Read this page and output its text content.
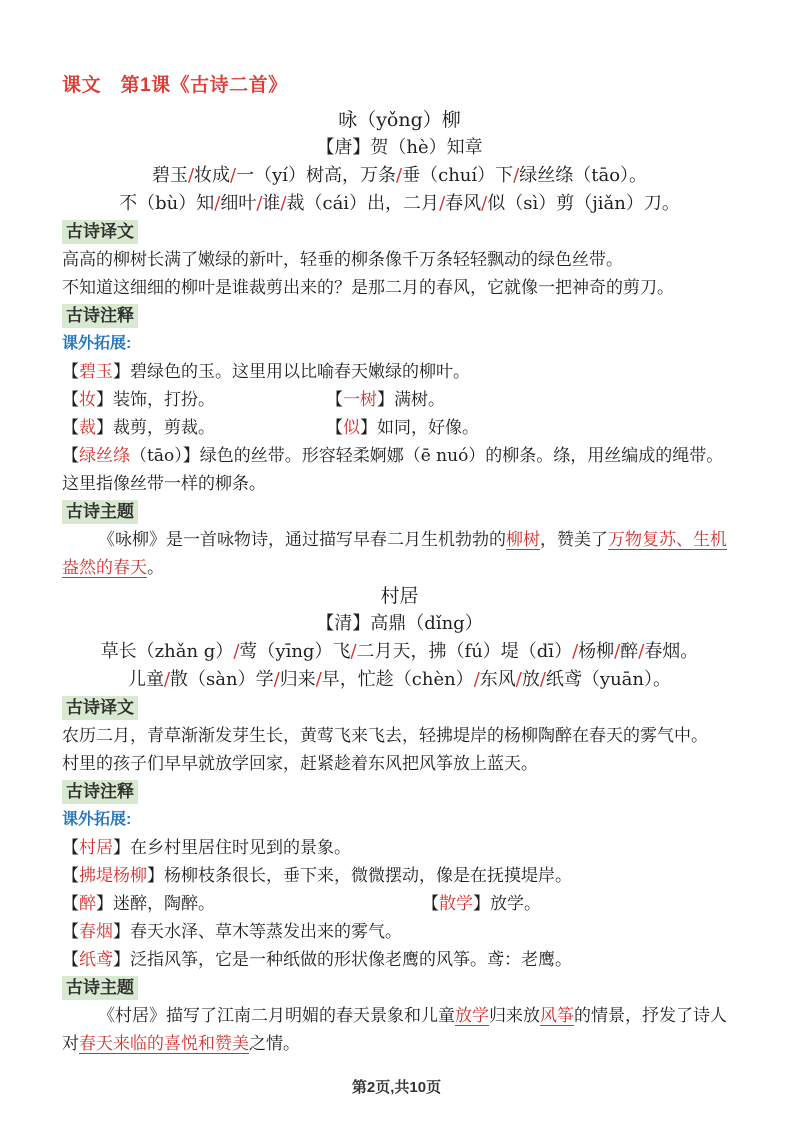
课文　第1课《古诗二首》
咏（yǒng）柳
【唐】贺（hè）知章
碧玉/妆成/一（yí）树高，万条/垂（chuí）下/绿丝绦（tāo）。
不（bù）知/细叶/谁/裁（cái）出，二月/春风/似（sì）剪（jiǎn）刀。
古诗译文
高高的柳树长满了嫩绿的新叶，轻垂的柳条像千万条轻轻飘动的绿色丝带。
不知道这细细的柳叶是谁裁剪出来的？是那二月的春风，它就像一把神奇的剪刀。
古诗注释
课外拓展:
【碧玉】碧绿色的玉。这里用以比喻春天嫩绿的柳叶。
【妆】装饰，打扮。	【一树】满树。
【裁】裁剪，剪裁。	【似】如同，好像。
【绿丝绦（tāo）】绿色的丝带。形容轻柔婀娜（ē nuó）的柳条。绦，用丝编成的绳带。这里指像丝带一样的柳条。
古诗主题
《咏柳》是一首咏物诗，通过描写早春二月生机勃勃的柳树，赞美了万物复苏、生机盎然的春天。
村居
【清】高鼎（dǐng）
草长（zhǎn g）/莺（yīng）飞/二月天，拂（fú）堤（dī）/杨柳/醉/春烟。
儿童/散（sàn）学/归来/早，忙趁（chèn）/东风/放/纸鸢（yuān）。
古诗译文
农历二月，青草渐渐发芽生长，黄莺飞来飞去，轻拂堤岸的杨柳陶醉在春天的雾气中。
村里的孩子们早早就放学回家，赶紧趁着东风把风筝放上蓝天。
古诗注释
课外拓展:
【村居】在乡村里居住时见到的景象。
【拂堤杨柳】杨柳枝条很长，垂下来，微微摆动，像是在抚摸堤岸。
【醉】迷醉，陶醉。	【散学】放学。
【春烟】春天水泽、草木等蒸发出来的雾气。
【纸鸢】泛指风筝，它是一种纸做的形状像老鹰的风筝。鸢：老鹰。
古诗主题
《村居》描写了江南二月明媚的春天景象和儿童放学归来放风筝的情景，抒发了诗人对春天来临的喜悦和赞美之情。
第2页,共10页
